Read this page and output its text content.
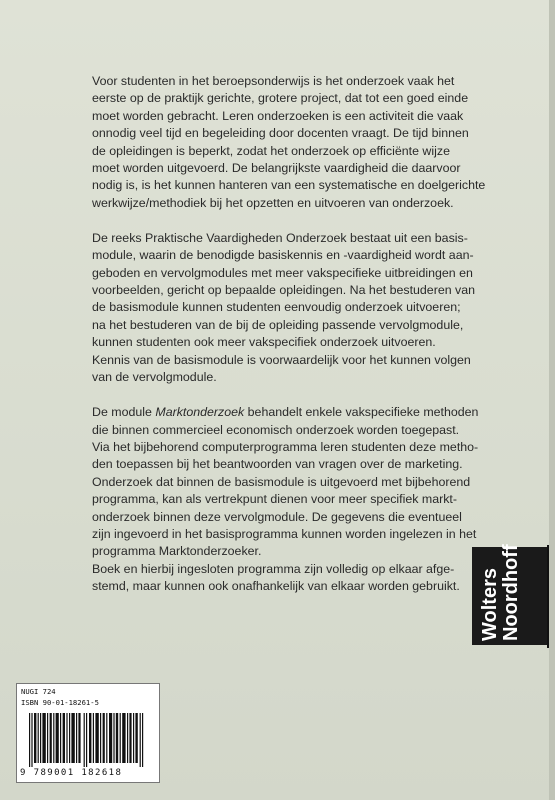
Voor studenten in het beroepsonderwijs is het onderzoek vaak het
eerste op de praktijk gerichte, grotere project, dat tot een goed einde
moet worden gebracht. Leren onderzoeken is een activiteit die vaak
onnodig veel tijd en begeleiding door docenten vraagt. De tijd binnen
de opleidingen is beperkt, zodat het onderzoek op efficiënte wijze
moet worden uitgevoerd. De belangrijkste vaardigheid die daarvoor
nodig is, is het kunnen hanteren van een systematische en doelgerichte
werkwijze/methodiek bij het opzetten en uitvoeren van onderzoek.

De reeks Praktische Vaardigheden Onderzoek bestaat uit een basis-
module, waarin de benodigde basiskennis en -vaardigheid wordt aan-
geboden en vervolgmodules met meer vakspecifieke uitbreidingen en
voorbeelden, gericht op bepaalde opleidingen. Na het bestuderen van
de basismodule kunnen studenten eenvoudig onderzoek uitvoeren;
na het bestuderen van de bij de opleiding passende vervolgmodule,
kunnen studenten ook meer vakspecifiek onderzoek uitvoeren.
Kennis van de basismodule is voorwaardelijk voor het kunnen volgen
van de vervolgmodule.

De module Marktonderzoek behandelt enkele vakspecifieke methoden
die binnen commercieel economisch onderzoek worden toegepast.
Via het bijbehorend computerprogramma leren studenten deze metho-
den toepassen bij het beantwoorden van vragen over de marketing.
Onderzoek dat binnen de basismodule is uitgevoerd met bijbehorend
programma, kan als vertrekpunt dienen voor meer specifiek markt-
onderzoek binnen deze vervolgmodule. De gegevens die eventueel
zijn ingevoerd in het basisprogramma kunnen worden ingelezen in het
programma Marktonderzoeker.
Boek en hierbij ingesloten programma zijn volledig op elkaar afge-
stemd, maar kunnen ook onafhankelijk van elkaar worden gebruikt. Wolters Noordhoff
NUGI 724
ISBN 90-01-18261-5
9 789001 182618
